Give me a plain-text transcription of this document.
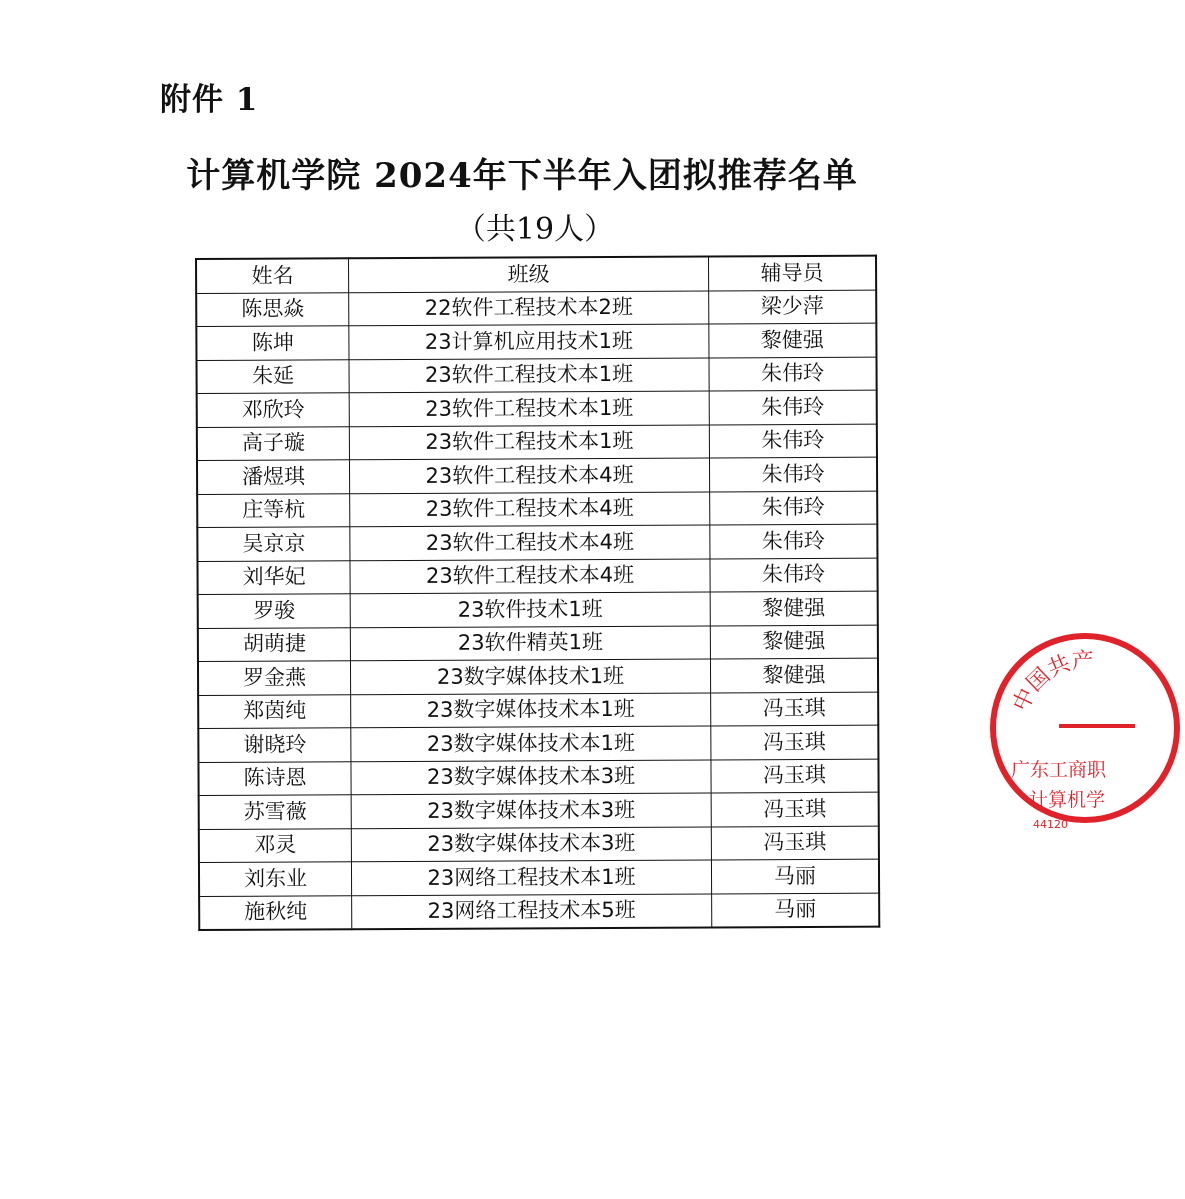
附件 1
计算机学院 2024年下半年入团拟推荐名单
（共19人）
姓名	班级	辅导员
陈思焱	22软件工程技术本2班	梁少萍
陈坤	23计算机应用技术1班	黎健强
朱延	23软件工程技术本1班	朱伟玲
邓欣玲	23软件工程技术本1班	朱伟玲
高子璇	23软件工程技术本1班	朱伟玲
潘煜琪	23软件工程技术本4班	朱伟玲
庄等杭	23软件工程技术本4班	朱伟玲
吴京京	23软件工程技术本4班	朱伟玲
刘华妃	23软件工程技术本4班	朱伟玲
罗骏	23软件技术1班	黎健强
胡萌捷	23软件精英1班	黎健强
罗金燕	23数字媒体技术1班	黎健强
郑茵纯	23数字媒体技术本1班	冯玉琪
谢晓玲	23数字媒体技术本1班	冯玉琪
陈诗恩	23数字媒体技术本3班	冯玉琪
苏雪薇	23数字媒体技术本3班	冯玉琪
邓灵	23数字媒体技术本3班	冯玉琪
刘东业	23网络工程技术本1班	马丽
施秋纯	23网络工程技术本5班	马丽
中国共产
广东工商职
计算机学
44120
